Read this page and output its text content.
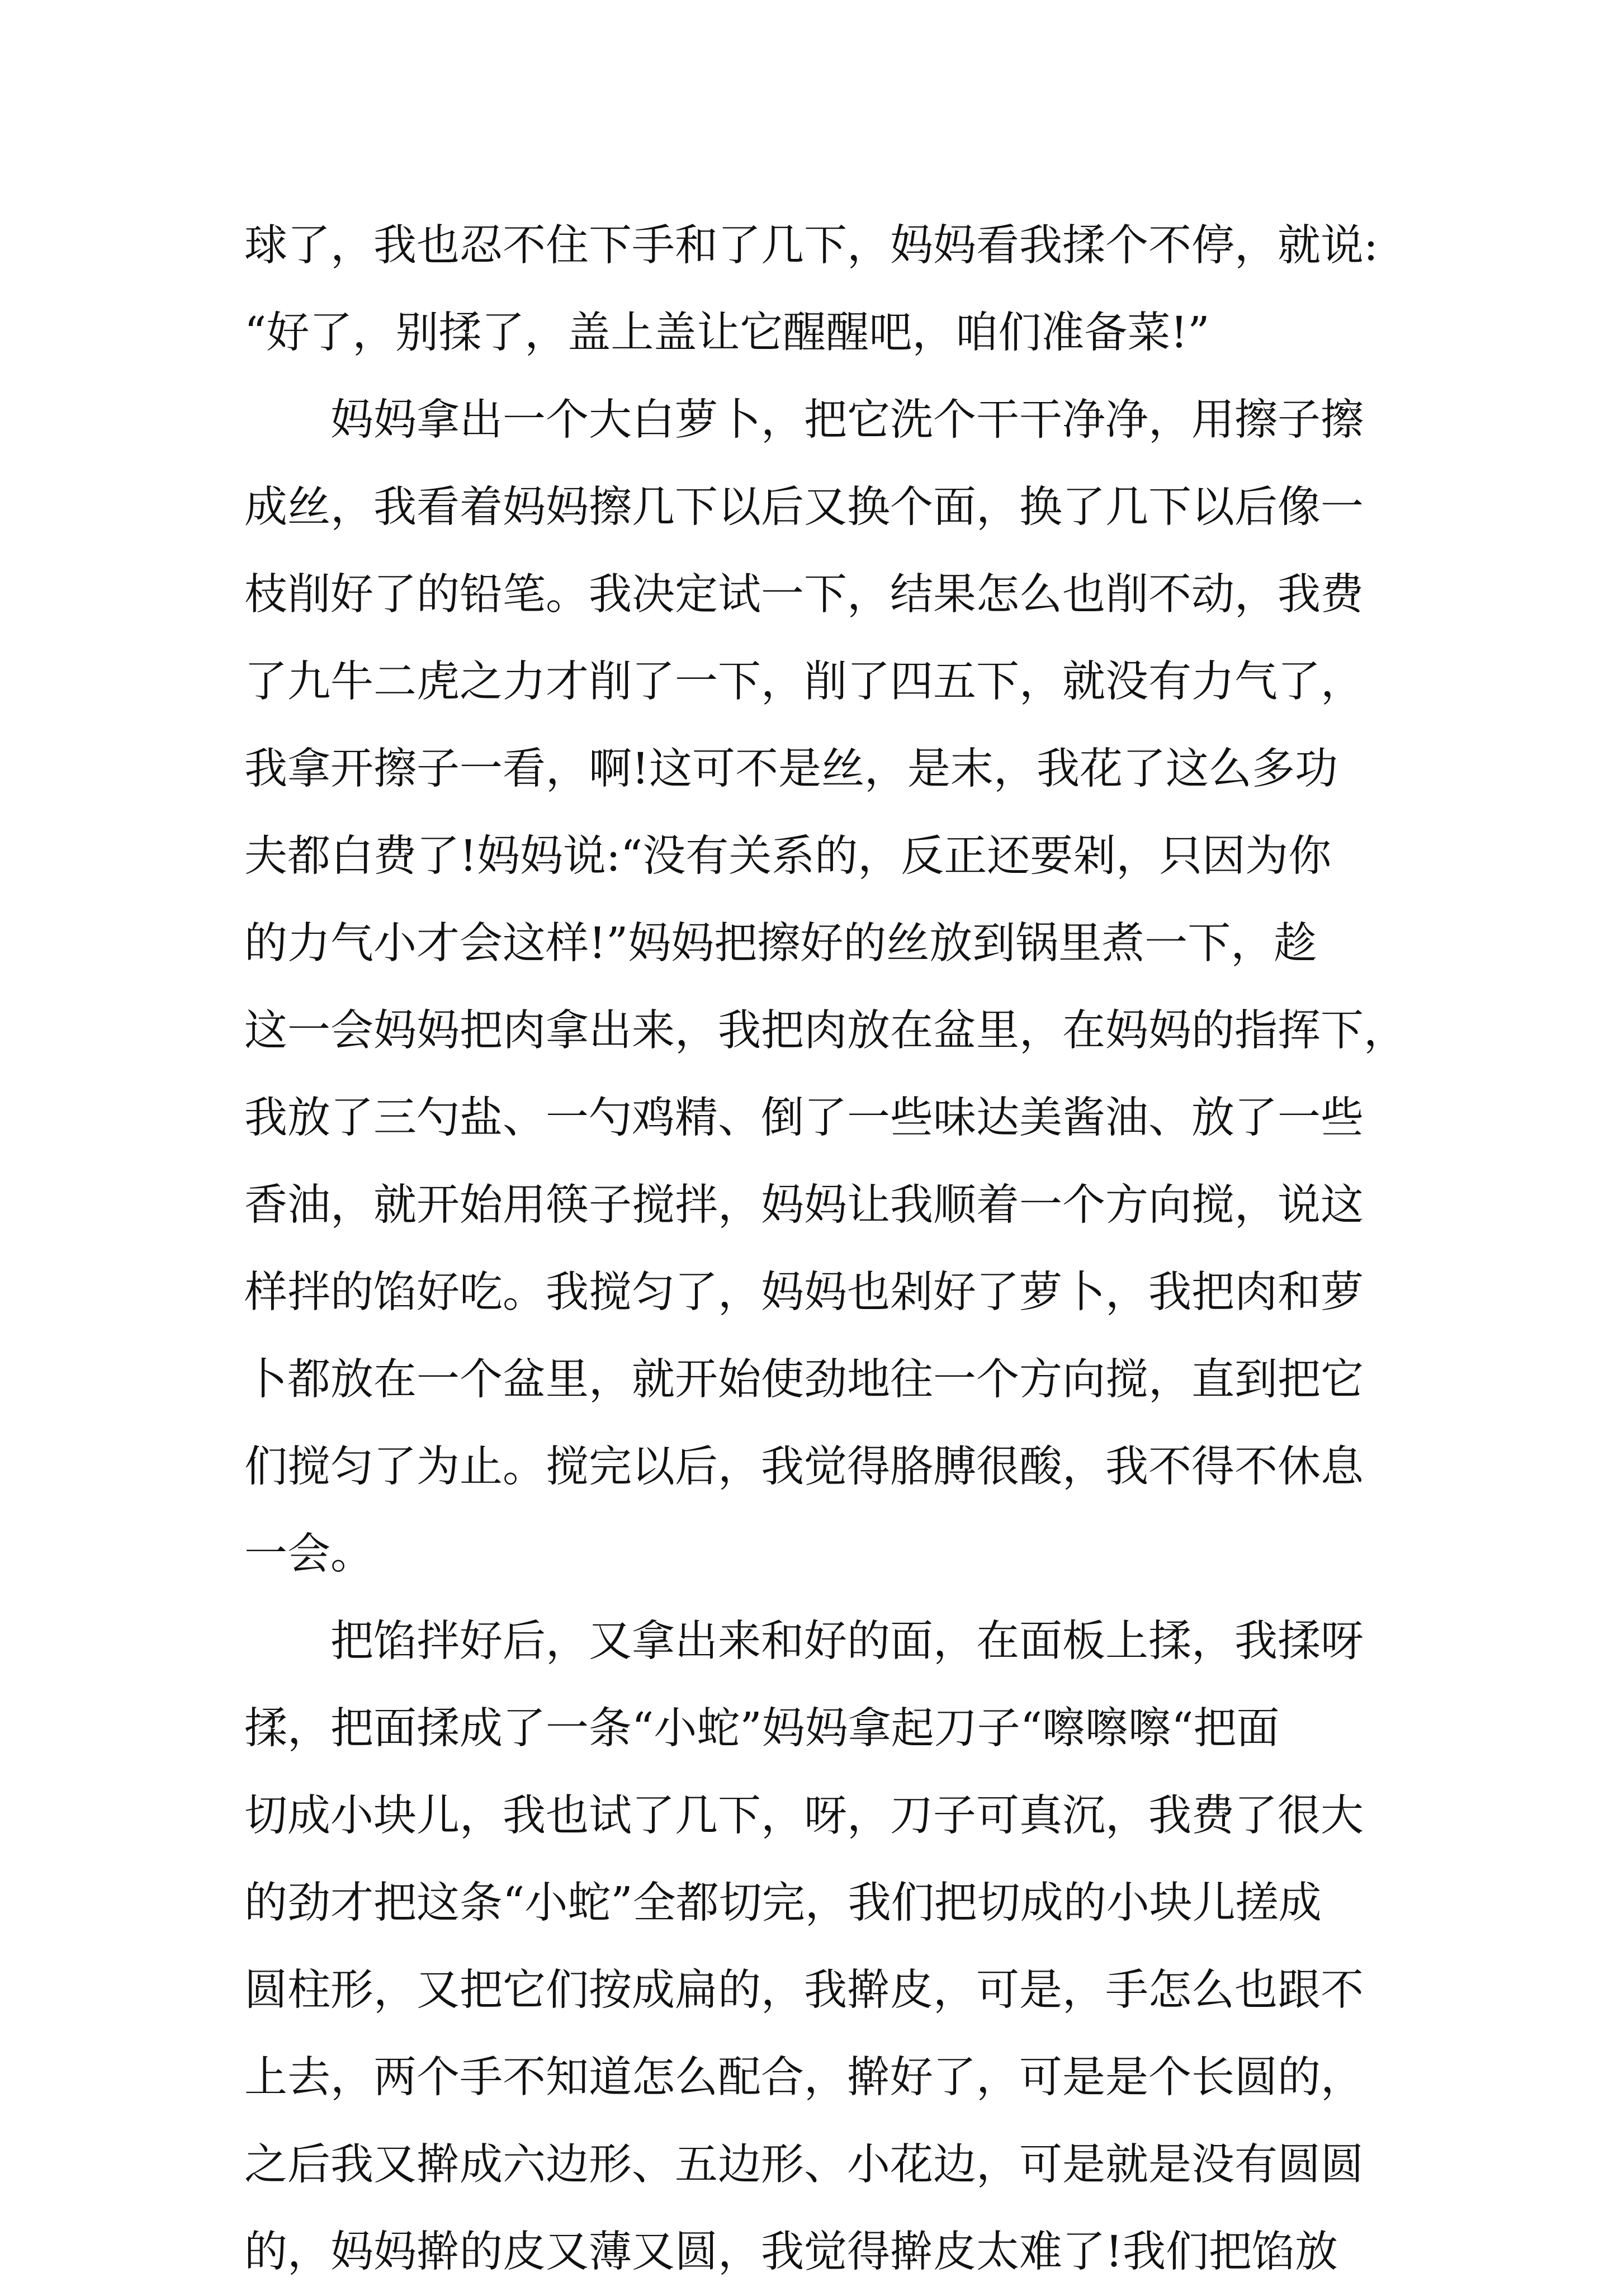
球了，我也忍不住下手和了几下，妈妈看我揉个不停，就说:
“好了，别揉了，盖上盖让它醒醒吧，咱们准备菜!”
妈妈拿出一个大白萝卜，把它洗个干干净净，用擦子擦
成丝，我看着妈妈擦几下以后又换个面，换了几下以后像一
枝削好了的铅笔。我决定试一下，结果怎么也削不动，我费
了九牛二虎之力才削了一下，削了四五下，就没有力气了，
我拿开擦子一看，啊!这可不是丝，是末，我花了这么多功
夫都白费了!妈妈说:“没有关系的，反正还要剁，只因为你
的力气小才会这样!”妈妈把擦好的丝放到锅里煮一下，趁
这一会妈妈把肉拿出来，我把肉放在盆里，在妈妈的指挥下，
我放了三勺盐、一勺鸡精、倒了一些味达美酱油、放了一些
香油，就开始用筷子搅拌，妈妈让我顺着一个方向搅，说这
样拌的馅好吃。我搅匀了，妈妈也剁好了萝卜，我把肉和萝
卜都放在一个盆里，就开始使劲地往一个方向搅，直到把它
们搅匀了为止。搅完以后，我觉得胳膊很酸，我不得不休息
一会。
把馅拌好后，又拿出来和好的面，在面板上揉，我揉呀
揉，把面揉成了一条“小蛇”妈妈拿起刀子“嚓嚓嚓“把面
切成小块儿，我也试了几下，呀，刀子可真沉，我费了很大
的劲才把这条“小蛇”全都切完，我们把切成的小块儿搓成
圆柱形，又把它们按成扁的，我擀皮，可是，手怎么也跟不
上去，两个手不知道怎么配合，擀好了，可是是个长圆的，
之后我又擀成六边形、五边形、小花边，可是就是没有圆圆
的，妈妈擀的皮又薄又圆，我觉得擀皮太难了!我们把馅放
